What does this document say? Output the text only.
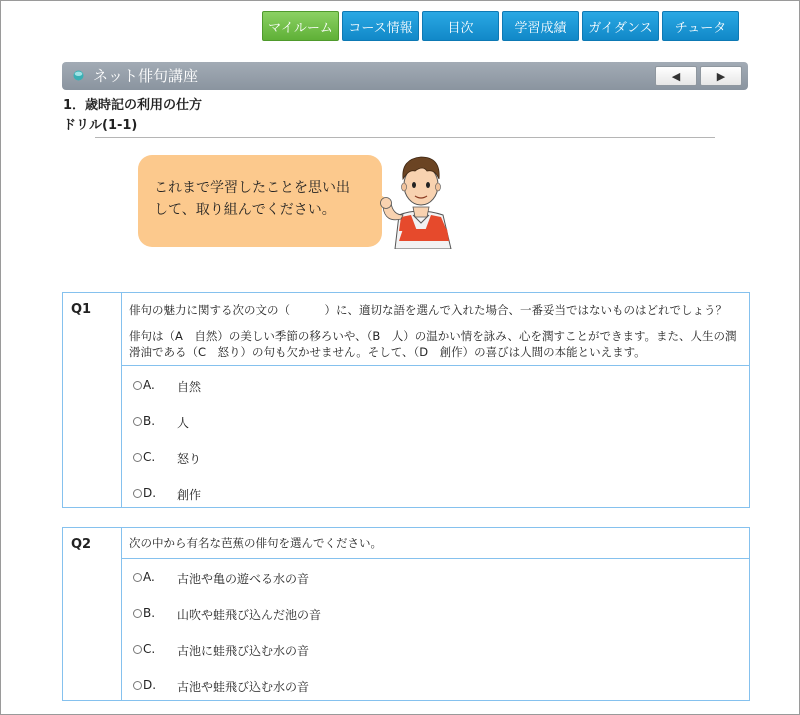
マイルーム	コース情報	目次	学習成績	ガイダンス	チュータ
ネット俳句講座	◀	▶
1．歳時記の利用の仕方
ドリル(1-1)
これまで学習したことを思い出
して、取り組んでください。
Q1	俳句の魅力に関する次の文の（　　　）に、適切な語を選んで入れた場合、一番妥当ではないものはどれでしょう？

俳句は（A　自然）の美しい季節の移ろいや、（B　人）の温かい情を詠み、心を潤すことができます。また、人生の潤滑油である（C　怒り）の句も欠かせません。そして、（D　創作）の喜びは人間の本能といえます。

A. 自然
B. 人
C. 怒り
D. 創作
Q2	次の中から有名な芭蕉の俳句を選んでください。

A. 古池や亀の遊べる水の音
B. 山吹や蛙飛び込んだ池の音
C. 古池に蛙飛び込む水の音
D. 古池や蛙飛び込む水の音
